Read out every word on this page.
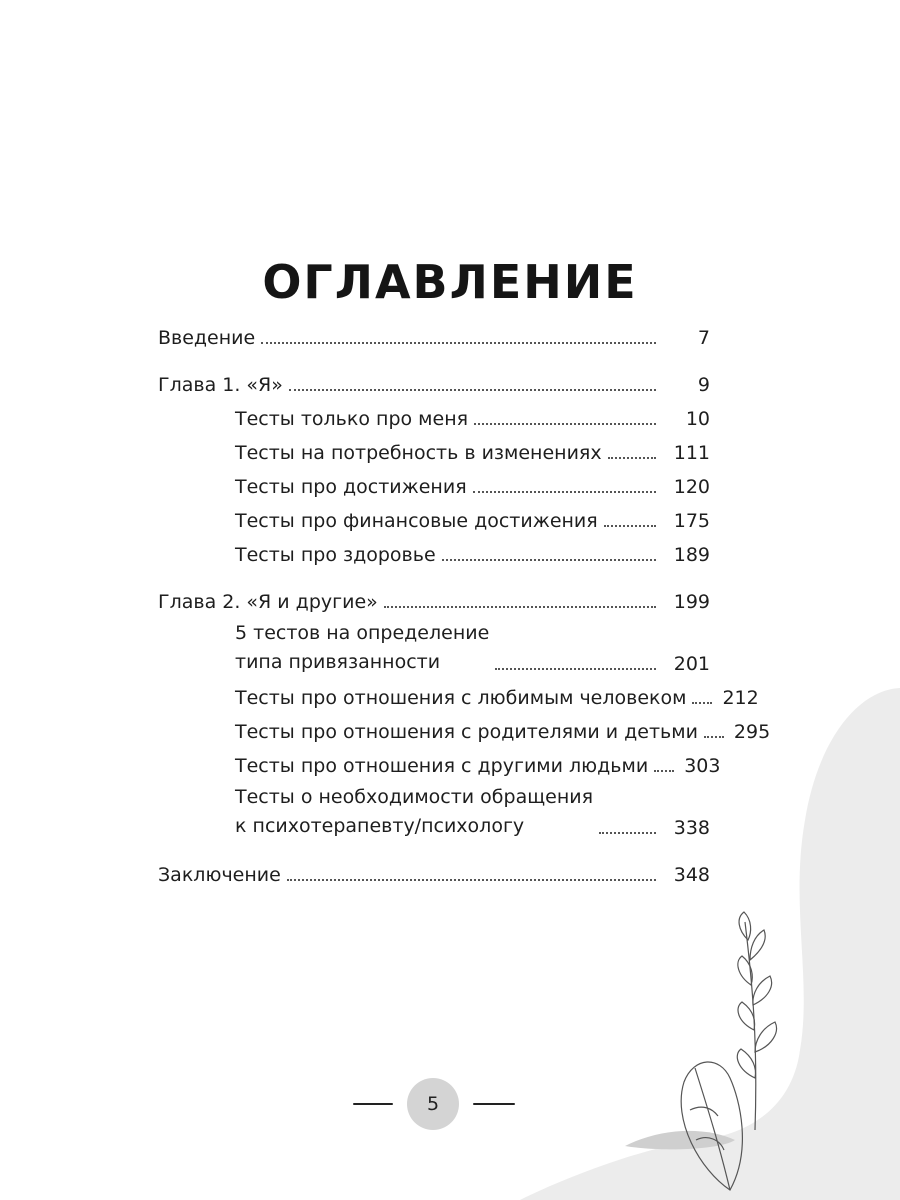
ОГЛАВЛЕНИЕ
Введение	7
Глава 1. «Я»	9
Тесты только про меня	10
Тесты на потребность в изменениях	111
Тесты про достижения	120
Тесты про финансовые достижения	175
Тесты про здоровье	189
Глава 2. «Я и другие»	199
5 тестов на определение
типа привязанности	201
Тесты про отношения с любимым человеком 212
Тесты про отношения с родителями и детьми 295
Тесты про отношения с другими людьми 303
Тесты о необходимости обращения
к психотерапевту/психологу	338
Заключение	348
5
